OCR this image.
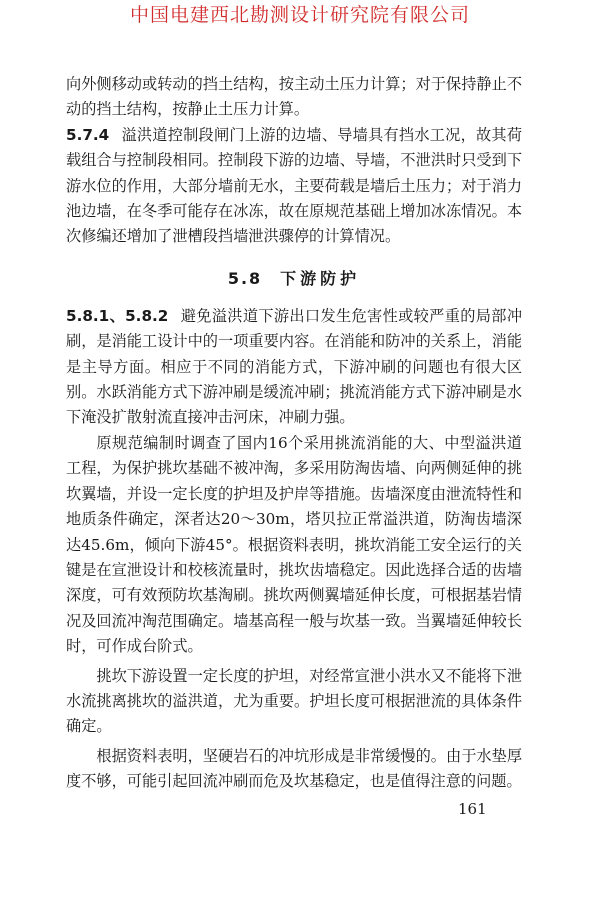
中国电建西北勘测设计研究院有限公司

向外侧移动或转动的挡土结构，按主动土压力计算；对于保持静止不动的挡土结构，按静止土压力计算。

5.7.4 溢洪道控制段闸门上游的边墙、导墙具有挡水工况，故其荷载组合与控制段相同。控制段下游的边墙、导墙，不泄洪时只受到下游水位的作用，大部分墙前无水，主要荷载是墙后土压力；对于消力池边墙，在冬季可能存在冰冻，故在原规范基础上增加冰冻情况。本次修编还增加了泄槽段挡墙泄洪骤停的计算情况。

5.8 下游防护

5.8.1、5.8.2 避免溢洪道下游出口发生危害性或较严重的局部冲刷，是消能工设计中的一项重要内容。在消能和防冲的关系上，消能是主导方面。相应于不同的消能方式，下游冲刷的问题也有很大区别。水跃消能方式下游冲刷是缓流冲刷；挑流消能方式下游冲刷是水下淹没扩散射流直接冲击河床，冲刷力强。

原规范编制时调查了国内16个采用挑流消能的大、中型溢洪道工程，为保护挑坎基础不被冲淘，多采用防淘齿墙、向两侧延伸的挑坎翼墙，并设一定长度的护坦及护岸等措施。齿墙深度由泄流特性和地质条件确定，深者达20～30m，塔贝拉正常溢洪道，防淘齿墙深达45.6m，倾向下游45°。根据资料表明，挑坎消能工安全运行的关键是在宣泄设计和校核流量时，挑坎齿墙稳定。因此选择合适的齿墙深度，可有效预防坎基淘刷。挑坎两侧翼墙延伸长度，可根据基岩情况及回流冲淘范围确定。墙基高程一般与坎基一致。当翼墙延伸较长时，可作成台阶式。

挑坎下游设置一定长度的护坦，对经常宣泄小洪水又不能将下泄水流挑离挑坎的溢洪道，尤为重要。护坦长度可根据泄流的具体条件确定。

根据资料表明，坚硬岩石的冲坑形成是非常缓慢的。由于水垫厚度不够，可能引起回流冲刷而危及坎基稳定，也是值得注意的问题。

161
